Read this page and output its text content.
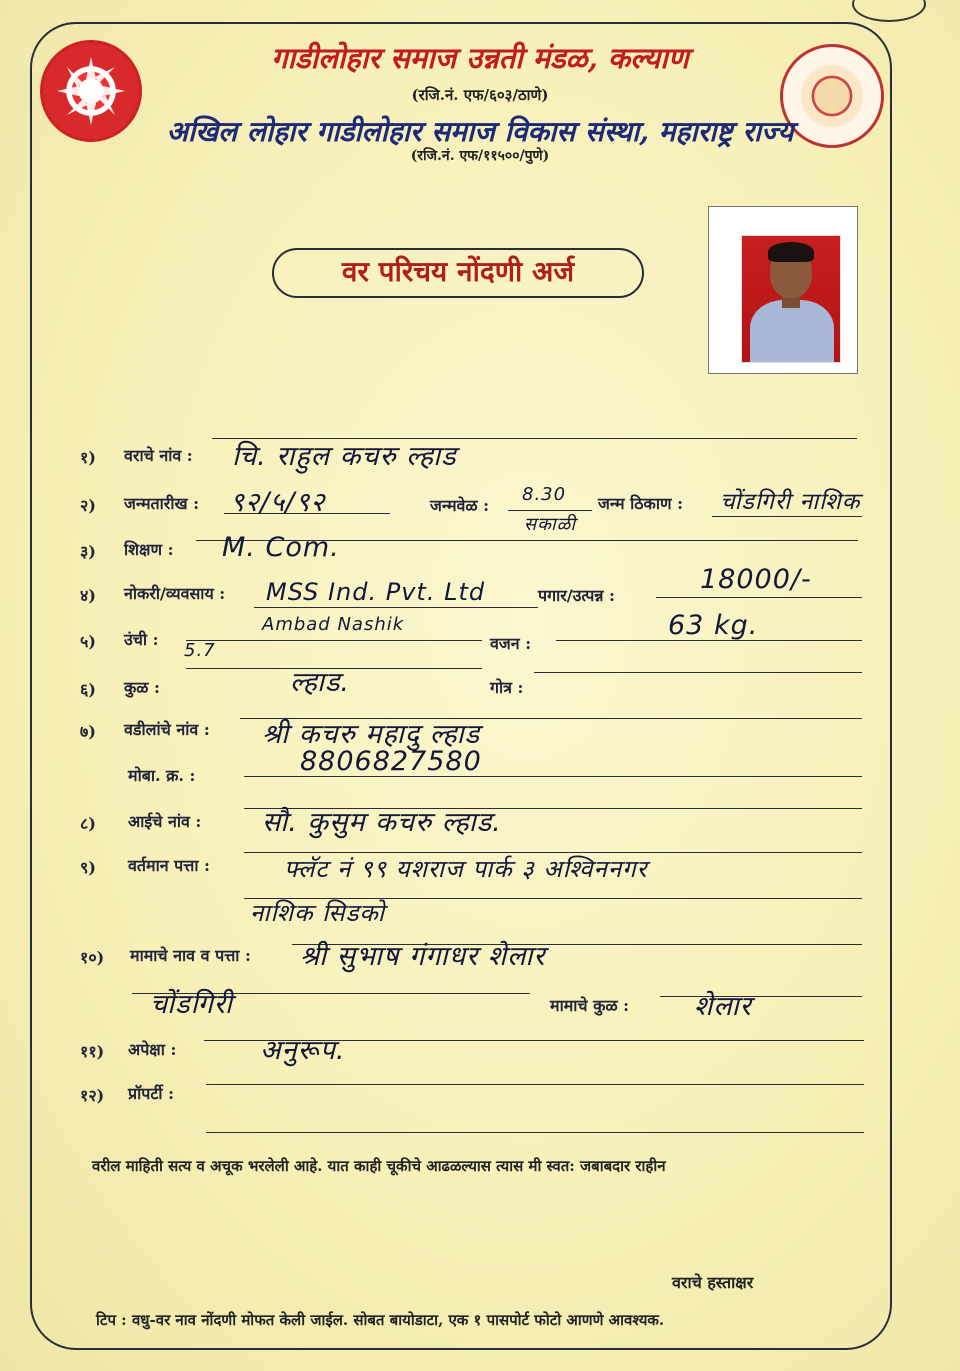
गाडीलोहार समाज उन्नती मंडळ, कल्याण
(रजि.नं. एफ/६०३/ठाणे)
अखिल लोहार गाडीलोहार समाज विकास संस्था, महाराष्ट्र राज्य
(रजि.नं. एफ/११५००/पुणे)
वर परिचय नोंदणी अर्ज
१) वराचे नांव : चि. राहुल कचरु ल्हाड
२) जन्मतारीख : ९२/५/९२	जन्मवेळ :
8.30
सकाळी
जन्म ठिकाण : चोंडगिरी नाशिक
३) शिक्षण : M. Com.
४) नोकरी/व्यवसाय : MSS Ind. Pvt. Ltd
Ambad Nashik
पगार/उत्पन्न :
18000/-
५) उंची :
5.7	वजन :
63 kg.
६) कुळ :	ल्हाड.	गोत्र :
७) वडीलांचे नांव : श्री कचरु महादु ल्हाड
मोबा. क्र. :	8806827580
८) आईचे नांव : सौ. कुसुम कचरु ल्हाड.
९) वर्तमान पत्ता :	फ्लॅट नं ९९ यशराज पार्क ३ अश्विननगर
नाशिक सिडको
१०) मामाचे नाव व पत्ता : श्री सुभाष गंगाधर शेलार
चोंडगिरी	मामाचे कुळ : शेलार
११) अपेक्षा :	अनुरूप.
१२) प्रॉपर्टी :
वरील माहिती सत्य व अचूक भरलेली आहे. यात काही चूकीचे आढळल्यास त्यास मी स्वत: जबाबदार राहीन
वराचे हस्ताक्षर
टिप : वधु-वर नाव नोंदणी मोफत केली जाईल. सोबत बायोडाटा, एक १ पासपोर्ट फोटो आणणे आवश्यक.
